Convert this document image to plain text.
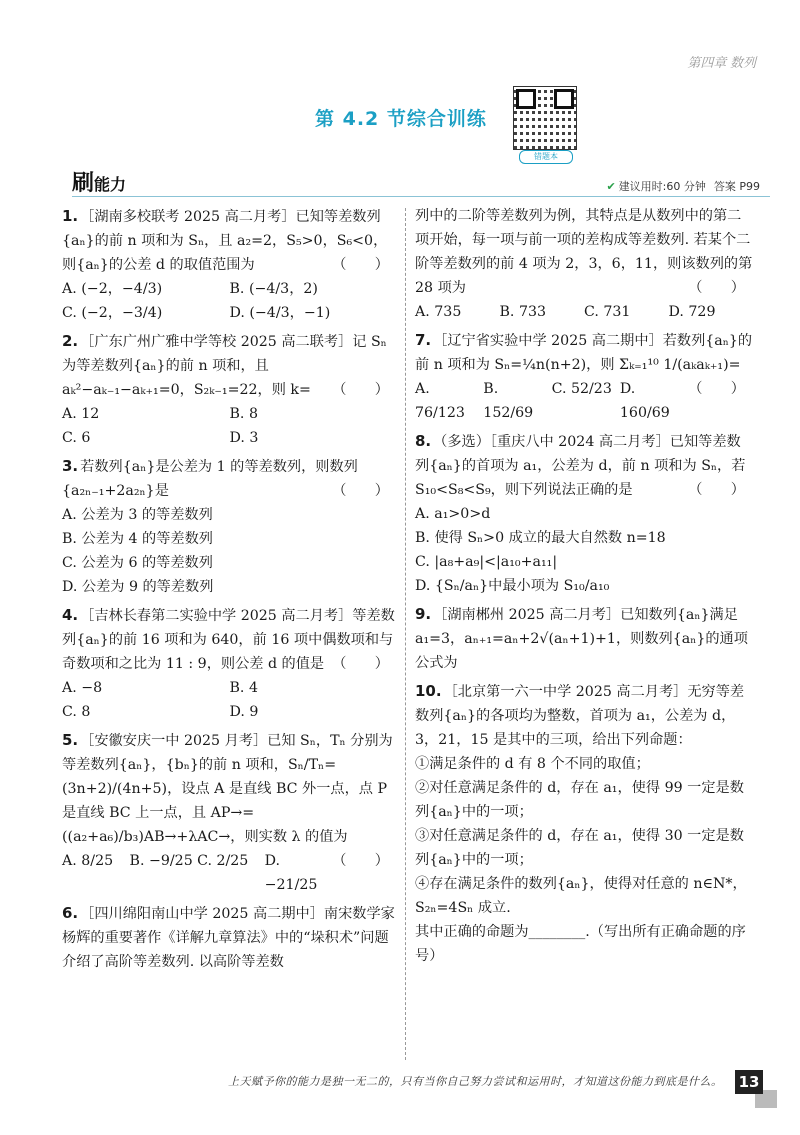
第四章 数列
第 4.2 节综合训练
错题本
刷能力	✔ 建议用时:60 分钟 答案 P99
1. ［湖南多校联考 2025 高二月考］已知等差数列{aₙ}的前 n 项和为 Sₙ，且 a₂=2，S₅>0，S₆<0，则{aₙ}的公差 d 的取值范围为	（　　）
A. (−2，−4/3)	B. (−4/3，2)
C. (−2，−3/4)	D. (−4/3，−1)
2. ［广东广州广雅中学等校 2025 高二联考］记 Sₙ 为等差数列{aₙ}的前 n 项和，且 aₖ²−aₖ₋₁−aₖ₊₁=0，S₂ₖ₋₁=22，则 k= （　　）
A. 12	B. 8
C. 6	D. 3
3. 若数列{aₙ}是公差为 1 的等差数列，则数列{a₂ₙ₋₁+2a₂ₙ}是	（　　）
A. 公差为 3 的等差数列
B. 公差为 4 的等差数列
C. 公差为 6 的等差数列
D. 公差为 9 的等差数列
4. ［吉林长春第二实验中学 2025 高二月考］等差数列{aₙ}的前 16 项和为 640，前 16 项中偶数项和与奇数项和之比为 11 : 9，则公差 d 的值是 （　　）
A. −8	B. 4
C. 8	D. 9
5. ［安徽安庆一中 2025 月考］已知 Sₙ，Tₙ 分别为等差数列{aₙ}，{bₙ}的前 n 项和，Sₙ/Tₙ=(3n+2)/(4n+5)，设点 A 是直线 BC 外一点，点 P 是直线 BC 上一点，且 AP→=((a₂+a₆)/b₃)AB→+λAC→，则实数 λ 的值为
（　　）
A. 8/25	B. −9/25 C. 2/25	D. −21/25
6. ［四川绵阳南山中学 2025 高二期中］南宋数学家杨辉的重要著作《详解九章算法》中的“垛积术”问题介绍了高阶等差数列. 以高阶等差数
列中的二阶等差数列为例，其特点是从数列中的第二项开始，每一项与前一项的差构成等差数列. 若某个二阶等差数列的前 4 项为 2，3，6，11，则该数列的第 28 项为	（　　）
A. 735	B. 733	C. 731	D. 729
7. ［辽宁省实验中学 2025 高二期中］若数列{aₙ}的前 n 项和为 Sₙ=¼n(n+2)，则 Σₖ₌₁¹⁰ 1/(aₖaₖ₊₁)=
（　　）
A. 76/123
B. 152/69
C. 52/23 D. 160/69
8. （多选）［重庆八中 2024 高二月考］已知等差数列{aₙ}的首项为 a₁，公差为 d，前 n 项和为 Sₙ，若 S₁₀<S₈<S₉，则下列说法正确的是	（　　）
A. a₁>0>d
B. 使得 Sₙ>0 成立的最大自然数 n=18
C. |a₈+a₉|<|a₁₀+a₁₁|
D. {Sₙ/aₙ}中最小项为 S₁₀/a₁₀
9. ［湖南郴州 2025 高二月考］已知数列{aₙ}满足 a₁=3，aₙ₊₁=aₙ+2√(aₙ+1)+1，则数列{aₙ}的通项公式为
10. ［北京第一六一中学 2025 高二月考］无穷等差数列{aₙ}的各项均为整数，首项为 a₁，公差为 d，3，21，15 是其中的三项，给出下列命题：
①满足条件的 d 有 8 个不同的取值；
②对任意满足条件的 d，存在 a₁，使得 99 一定是数列{aₙ}中的一项；
③对任意满足条件的 d，存在 a₁，使得 30 一定是数列{aₙ}中的一项；
④存在满足条件的数列{aₙ}，使得对任意的 n∈N*，S₂ₙ=4Sₙ 成立.
其中正确的命题为________.（写出所有正确命题的序号）
上天赋予你的能力是独一无二的，只有当你自己努力尝试和运用时，才知道这份能力到底是什么。 13
